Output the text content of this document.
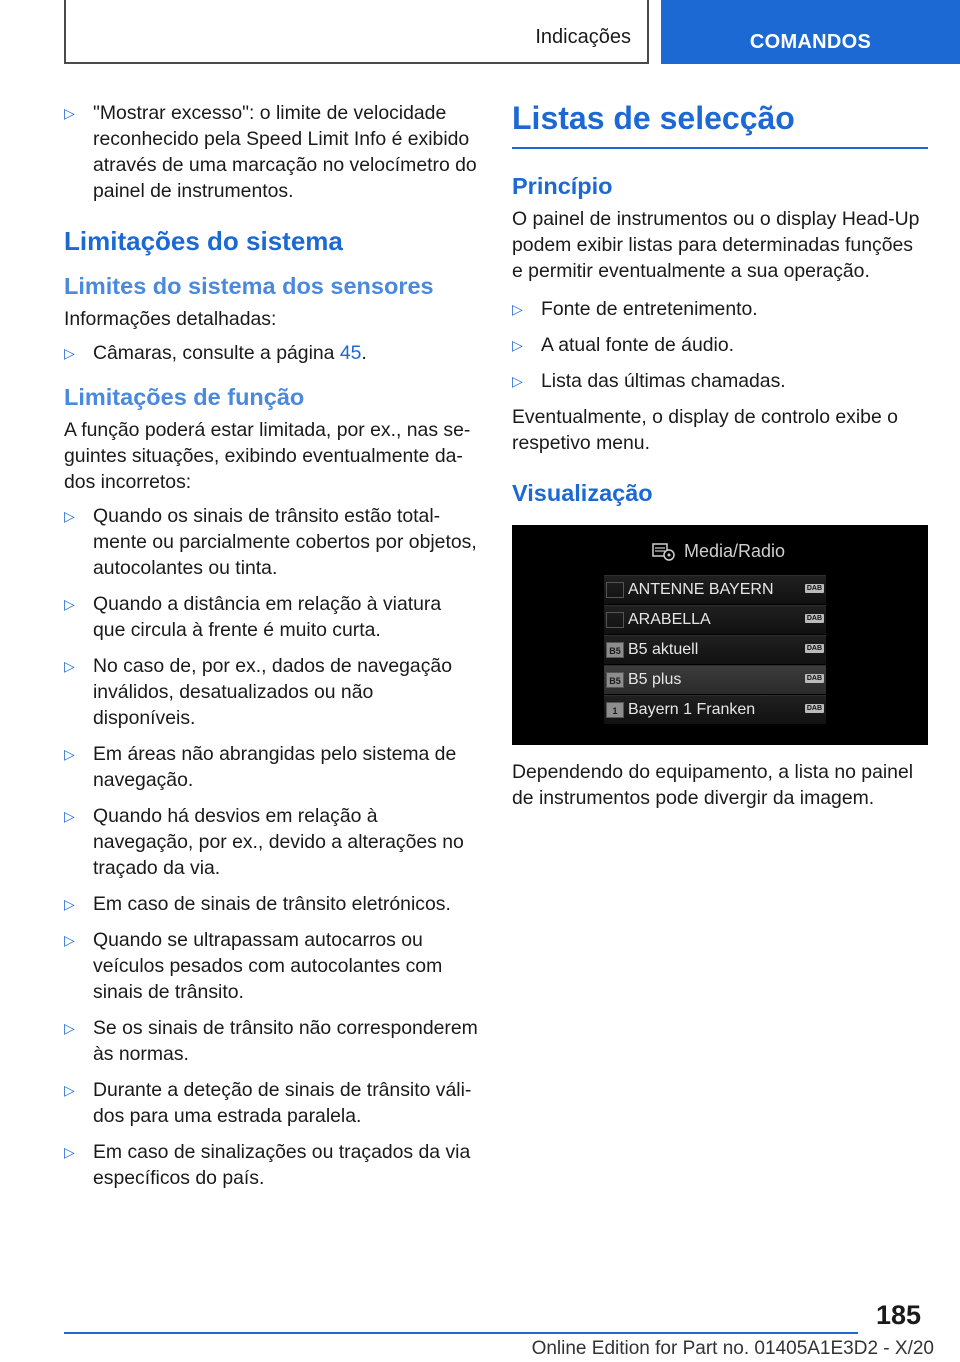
Indicações	COMANDOS
▷ "Mostrar excesso": o limite de velocidade reconhecido pela Speed Limit Info é exibido através de uma marcação no velocímetro do painel de instrumentos.
Limitações do sistema
Limites do sistema dos sensores

Informações detalhadas:

▷ Câmaras, consulte a página 45.
Limitações de função

A função poderá estar limitada, por ex., nas seguintes situações, exibindo eventualmente dados incorretos:

▷ Quando os sinais de trânsito estão totalmente ou parcialmente cobertos por objetos, autocolantes ou tinta.
▷ Quando a distância em relação à viatura que circula à frente é muito curta.
▷ No caso de, por ex., dados de navegação inválidos, desatualizados ou não disponíveis.
▷ Em áreas não abrangidas pelo sistema de navegação.
▷ Quando há desvios em relação à navegação, por ex., devido a alterações no traçado da via.
▷ Em caso de sinais de trânsito eletrónicos.
▷ Quando se ultrapassam autocarros ou veículos pesados com autocolantes com sinais de trânsito.
▷ Se os sinais de trânsito não corresponderem às normas.
▷ Durante a deteção de sinais de trânsito válidos para uma estrada paralela.
▷ Em caso de sinalizações ou traçados da via específicos do país.
Listas de selecção
Princípio

O painel de instrumentos ou o display Head-Up podem exibir listas para determinadas funções e permitir eventualmente a sua operação.

▷ Fonte de entretenimento.
▷ A atual fonte de áudio.
▷ Lista das últimas chamadas.

Eventualmente, o display de controlo exibe o respetivo menu.

Visualização
Media/Radio
ANTENNE BAYERN	DAB
ARABELLA	DAB
B5 B5 aktuell	DAB
B5 B5 plus	DAB
1 Bayern 1 Franken	DAB

Dependendo do equipamento, a lista no painel de instrumentos pode divergir da imagem.

185
Online Edition for Part no. 01405A1E3D2 - X/20
